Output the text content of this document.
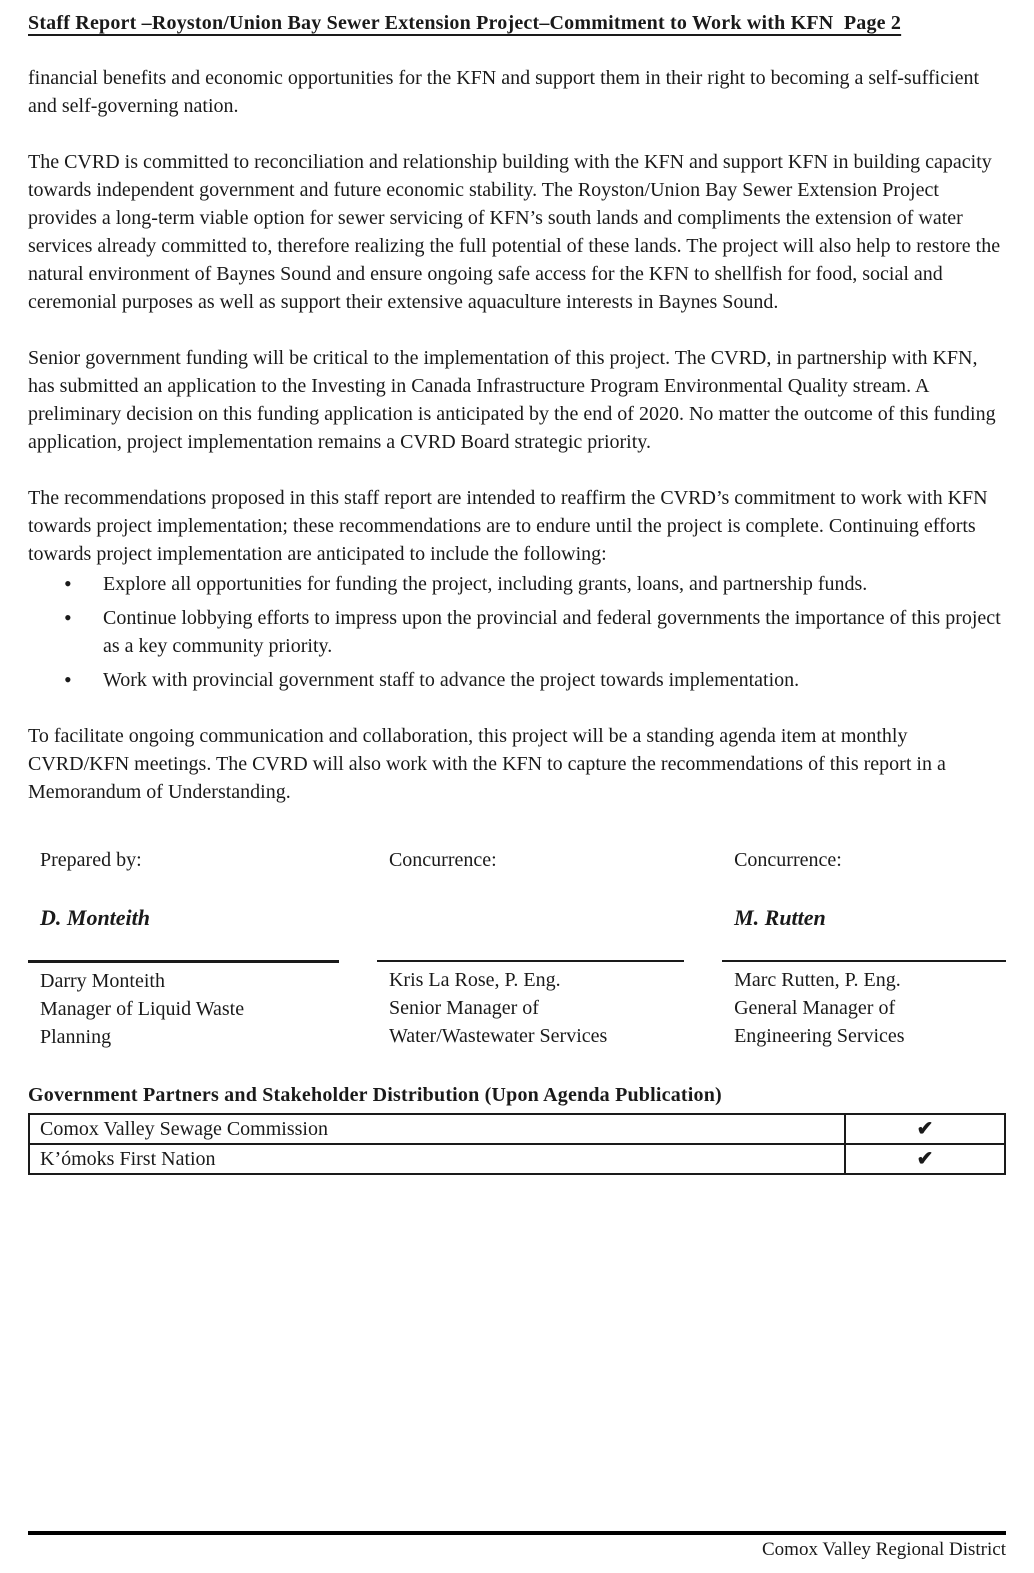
Staff Report –Royston/Union Bay Sewer Extension Project–Commitment to Work with KFN  Page 2
financial benefits and economic opportunities for the KFN and support them in their right to becoming a self-sufficient and self-governing nation.
The CVRD is committed to reconciliation and relationship building with the KFN and support KFN in building capacity towards independent government and future economic stability. The Royston/Union Bay Sewer Extension Project provides a long-term viable option for sewer servicing of KFN’s south lands and compliments the extension of water services already committed to, therefore realizing the full potential of these lands. The project will also help to restore the natural environment of Baynes Sound and ensure ongoing safe access for the KFN to shellfish for food, social and ceremonial purposes as well as support their extensive aquaculture interests in Baynes Sound.
Senior government funding will be critical to the implementation of this project. The CVRD, in partnership with KFN, has submitted an application to the Investing in Canada Infrastructure Program Environmental Quality stream. A preliminary decision on this funding application is anticipated by the end of 2020. No matter the outcome of this funding application, project implementation remains a CVRD Board strategic priority.
The recommendations proposed in this staff report are intended to reaffirm the CVRD’s commitment to work with KFN towards project implementation; these recommendations are to endure until the project is complete. Continuing efforts towards project implementation are anticipated to include the following:
• Explore all opportunities for funding the project, including grants, loans, and partnership funds.
• Continue lobbying efforts to impress upon the provincial and federal governments the importance of this project as a key community priority.
• Work with provincial government staff to advance the project towards implementation.
To facilitate ongoing communication and collaboration, this project will be a standing agenda item at monthly CVRD/KFN meetings. The CVRD will also work with the KFN to capture the recommendations of this report in a Memorandum of Understanding.
Prepared by:
D. Monteith
Darry Monteith
Manager of Liquid Waste
Planning
Concurrence:
Kris La Rose, P. Eng.
Senior Manager of
Water/Wastewater Services
Concurrence:
M. Rutten
Marc Rutten, P. Eng.
General Manager of
Engineering Services
Government Partners and Stakeholder Distribution (Upon Agenda Publication)
Comox Valley Sewage Commission	✔
K’ómoks First Nation	✔
Comox Valley Regional District
